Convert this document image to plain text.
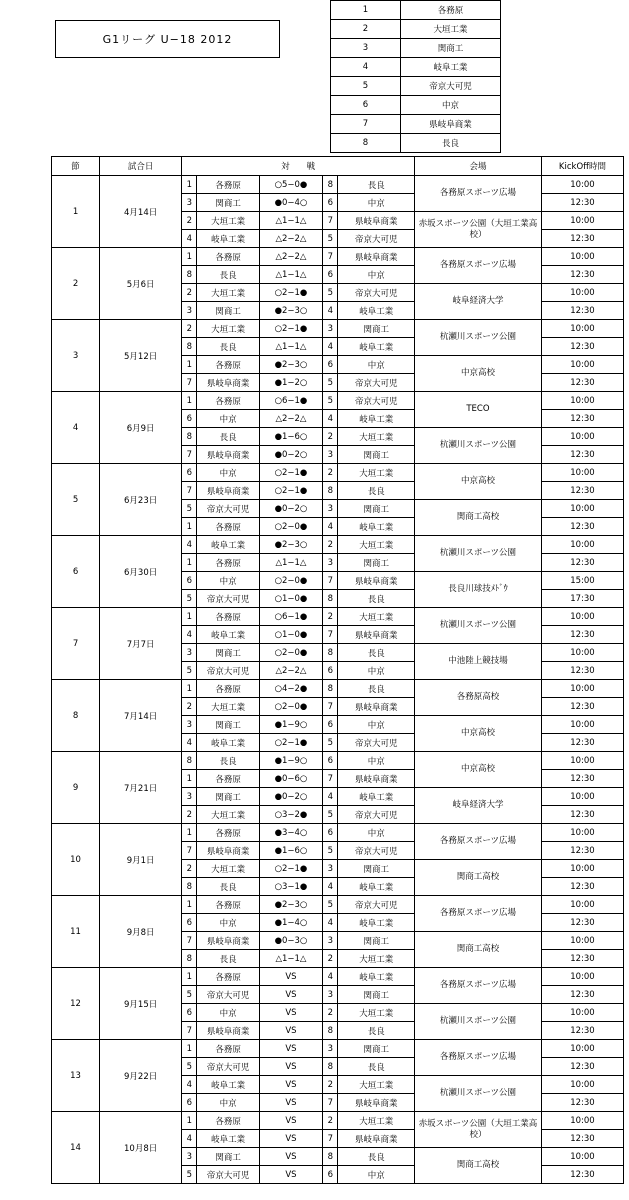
G1リーグ U−18 2012
1	各務原
2	大垣工業
3	関商工
4	岐阜工業
5	帝京大可児
6	中京
7	県岐阜商業
8	長良
節	試合日	対　　戦					会場	KickOff時間
1	4月14日	1	各務原	○5−0●	8	長良	各務原スポーツ広場	10:00
		3	関商工	●0−4○	6	中京		12:30
		2	大垣工業	△1−1△	7	県岐阜商業	赤坂スポーツ公園（大垣工業高校）	10:00
		4	岐阜工業	△2−2△	5	帝京大可児		12:30
2	5月6日	1	各務原	△2−2△	7	県岐阜商業	各務原スポーツ広場	10:00
		8	長良	△1−1△	6	中京		12:30
		2	大垣工業	○2−1●	5	帝京大可児	岐阜経済大学	10:00
		3	関商工	●2−3○	4	岐阜工業		12:30
3	5月12日	2	大垣工業	○2−1●	3	関商工	杭瀬川スポーツ公園	10:00
		8	長良	△1−1△	4	岐阜工業		12:30
		1	各務原	●2−3○	6	中京	中京高校	10:00
		7	県岐阜商業	●1−2○	5	帝京大可児		12:30
4	6月9日	1	各務原	○6−1●	5	帝京大可児	TECO	10:00
		6	中京	△2−2△	4	岐阜工業		12:30
		8	長良	●1−6○	2	大垣工業	杭瀬川スポーツ公園	10:00
		7	県岐阜商業	●0−2○	3	関商工		12:30
5	6月23日	6	中京	○2−1●	2	大垣工業	中京高校	10:00
		7	県岐阜商業	○2−1●	8	長良		12:30
		5	帝京大可児	●0−2○	3	関商工	関商工高校	10:00
		1	各務原	○2−0●	4	岐阜工業		12:30
6	6月30日	4	岐阜工業	●2−3○	2	大垣工業	杭瀬川スポーツ公園	10:00
		1	各務原	△1−1△	3	関商工		12:30
		6	中京	○2−0●	7	県岐阜商業	長良川球技ﾒﾄﾞｳ	15:00
		5	帝京大可児	○1−0●	8	長良		17:30
7	7月7日	1	各務原	○6−1●	2	大垣工業	杭瀬川スポーツ公園	10:00
		4	岐阜工業	○1−0●	7	県岐阜商業		12:30
		3	関商工	○2−0●	8	長良	中池陸上競技場	10:00
		5	帝京大可児	△2−2△	6	中京		12:30
8	7月14日	1	各務原	○4−2●	8	長良	各務原高校	10:00
		2	大垣工業	○2−0●	7	県岐阜商業		12:30
		3	関商工	●1−9○	6	中京	中京高校	10:00
		4	岐阜工業	○2−1●	5	帝京大可児		12:30
9	7月21日	8	長良	●1−9○	6	中京	中京高校	10:00
		1	各務原	●0−6○	7	県岐阜商業		12:30
		3	関商工	●0−2○	4	岐阜工業	岐阜経済大学	10:00
		2	大垣工業	○3−2●	5	帝京大可児		12:30
10	9月1日	1	各務原	●3−4○	6	中京	各務原スポーツ広場	10:00
		7	県岐阜商業	●1−6○	5	帝京大可児		12:30
		2	大垣工業	○2−1●	3	関商工	関商工高校	10:00
		8	長良	○3−1●	4	岐阜工業		12:30
11	9月8日	1	各務原	●2−3○	5	帝京大可児	各務原スポーツ広場	10:00
		6	中京	●1−4○	4	岐阜工業		12:30
		7	県岐阜商業	●0−3○	3	関商工	関商工高校	10:00
		8	長良	△1−1△	2	大垣工業		12:30
12	9月15日	1	各務原	VS	4	岐阜工業	各務原スポーツ広場	10:00
		5	帝京大可児	VS	3	関商工		12:30
		6	中京	VS	2	大垣工業	杭瀬川スポーツ公園	10:00
		7	県岐阜商業	VS	8	長良		12:30
13	9月22日	1	各務原	VS	3	関商工	各務原スポーツ広場	10:00
		5	帝京大可児	VS	8	長良		12:30
		4	岐阜工業	VS	2	大垣工業	杭瀬川スポーツ公園	10:00
		6	中京	VS	7	県岐阜商業		12:30
14	10月8日	1	各務原	VS	2	大垣工業	赤坂スポーツ公園（大垣工業高校）	10:00
		4	岐阜工業	VS	7	県岐阜商業		12:30
		3	関商工	VS	8	長良	関商工高校	10:00
		5	帝京大可児	VS	6	中京		12:30
